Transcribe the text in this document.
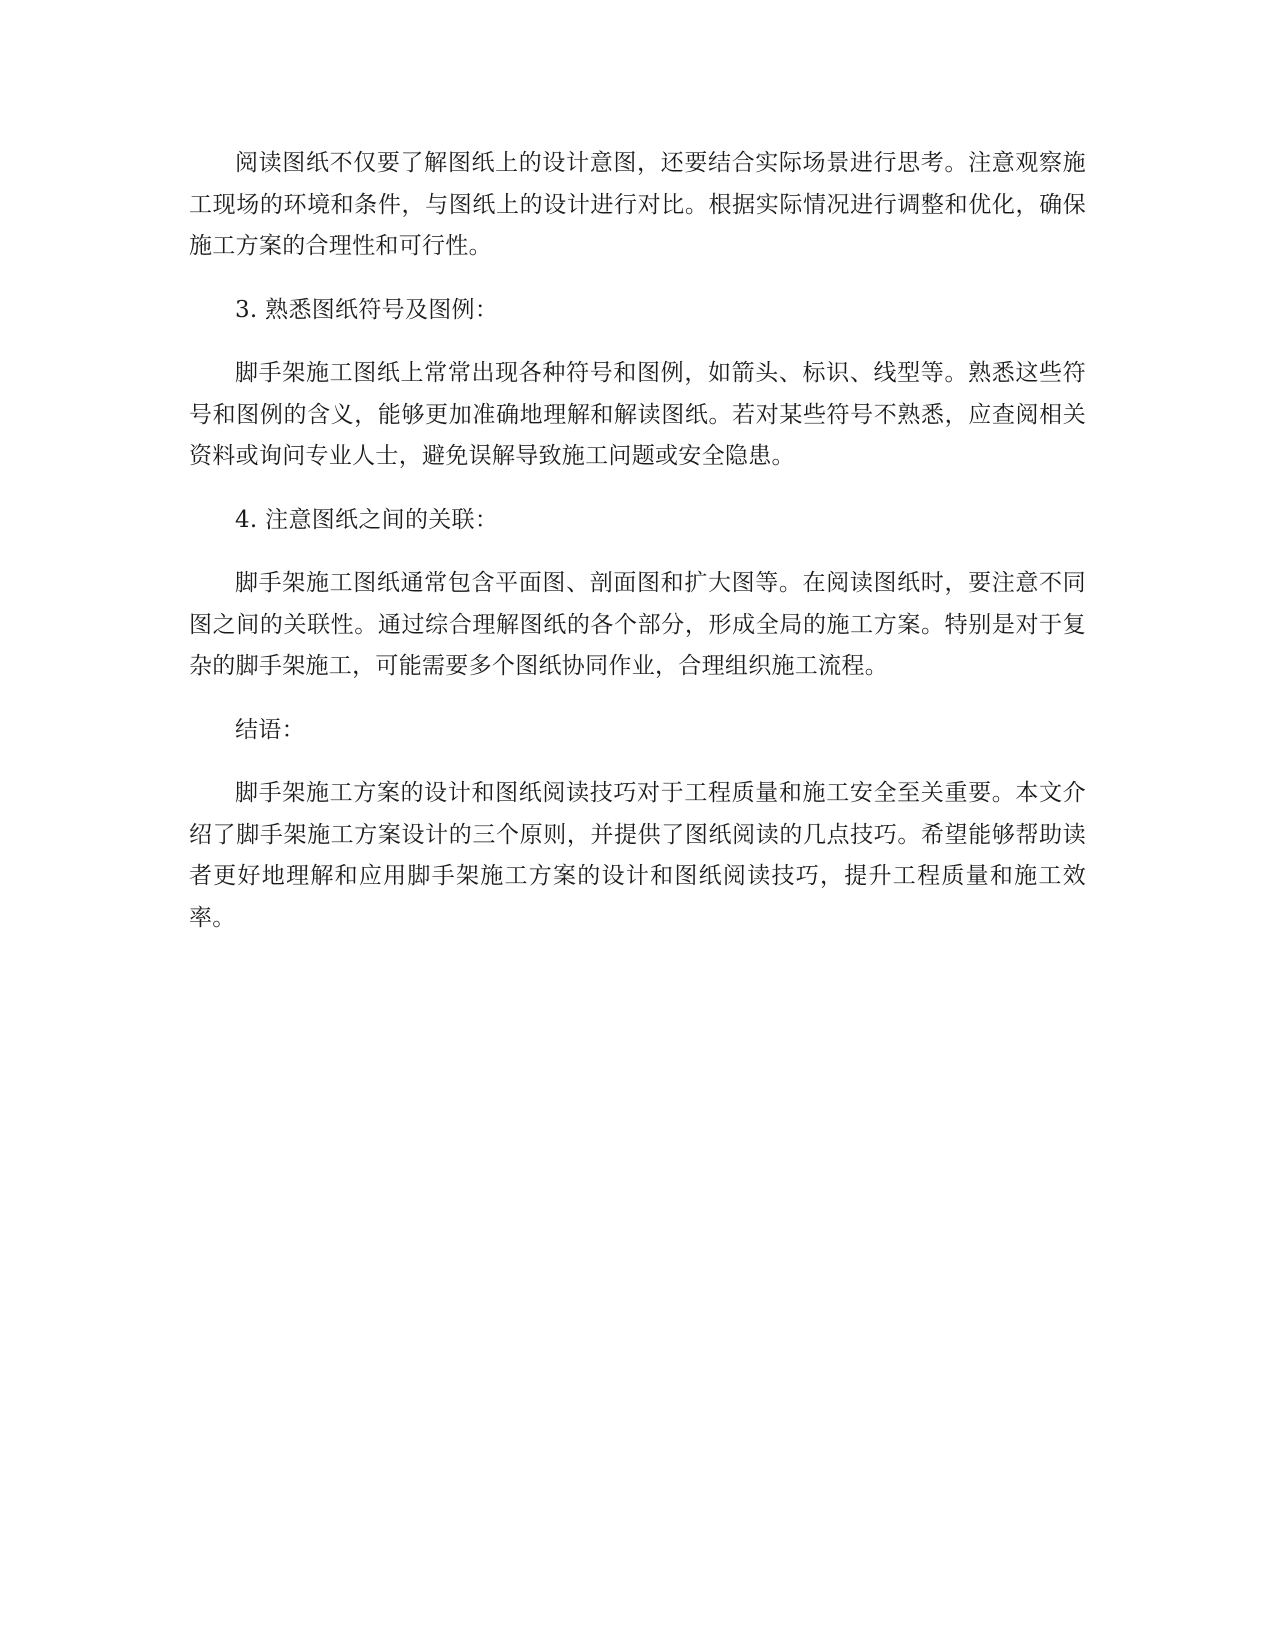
阅读图纸不仅要了解图纸上的设计意图，还要结合实际场景进行思考。注意观察施工现场的环境和条件，与图纸上的设计进行对比。根据实际情况进行调整和优化，确保施工方案的合理性和可行性。

3. 熟悉图纸符号及图例：

脚手架施工图纸上常常出现各种符号和图例，如箭头、标识、线型等。熟悉这些符号和图例的含义，能够更加准确地理解和解读图纸。若对某些符号不熟悉，应查阅相关资料或询问专业人士，避免误解导致施工问题或安全隐患。

4. 注意图纸之间的关联：

脚手架施工图纸通常包含平面图、剖面图和扩大图等。在阅读图纸时，要注意不同图之间的关联性。通过综合理解图纸的各个部分，形成全局的施工方案。特别是对于复杂的脚手架施工，可能需要多个图纸协同作业，合理组织施工流程。

结语：

脚手架施工方案的设计和图纸阅读技巧对于工程质量和施工安全至关重要。本文介绍了脚手架施工方案设计的三个原则，并提供了图纸阅读的几点技巧。希望能够帮助读者更好地理解和应用脚手架施工方案的设计和图纸阅读技巧，提升工程质量和施工效率。
